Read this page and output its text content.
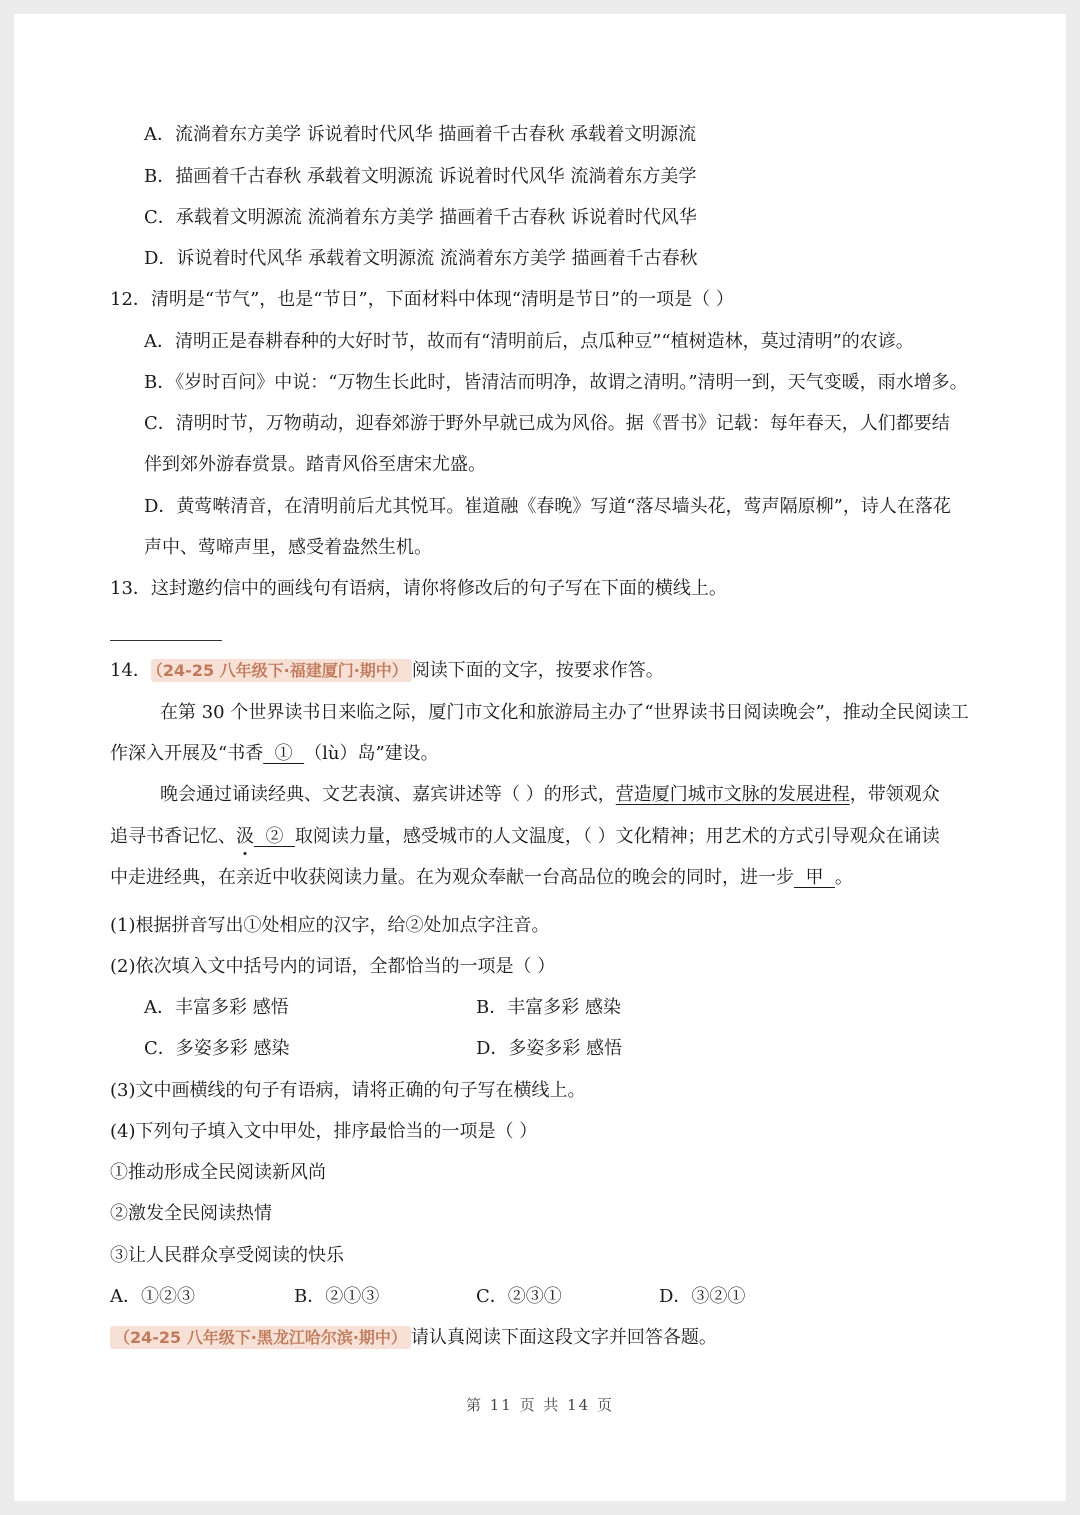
A．流淌着东方美学 诉说着时代风华 描画着千古春秋 承载着文明源流
B．描画着千古春秋 承载着文明源流 诉说着时代风华 流淌着东方美学
C．承载着文明源流 流淌着东方美学 描画着千古春秋 诉说着时代风华
D．诉说着时代风华 承载着文明源流 流淌着东方美学 描画着千古春秋
12．清明是“节气”，也是“节日”，下面材料中体现“清明是节日”的一项是（ ）
A．清明正是春耕春种的大好时节，故而有“清明前后，点瓜种豆”“植树造林，莫过清明”的农谚。
B．《岁时百问》中说：“万物生长此时，皆清洁而明净，故谓之清明。”清明一到，天气变暖，雨水增多。
C．清明时节，万物萌动，迎春郊游于野外早就已成为风俗。据《晋书》记载：每年春天，人们都要结
伴到郊外游春赏景。踏青风俗至唐宋尤盛。
D．黄莺啭清音，在清明前后尤其悦耳。崔道融《春晚》写道“落尽墙头花，莺声隔原柳”，诗人在落花
声中、莺啼声里，感受着盎然生机。
13．这封邀约信中的画线句有语病，请你将修改后的句子写在下面的横线上。
14． （24-25 八年级下·福建厦门·期中） 阅读下面的文字，按要求作答。
在第 30 个世界读书日来临之际，厦门市文化和旅游局主办了“世界读书日阅读晚会”，推动全民阅读工
作深入开展及“书香  ①  （lù）岛”建设。
晚会通过诵读经典、文艺表演、嘉宾讲述等（ ）的形式，营造厦门城市文脉的发展进程，带领观众
追寻书香记忆、汲  ②  取阅读力量，感受城市的人文温度，（ ）文化精神；用艺术的方式引导观众在诵读
中走进经典，在亲近中收获阅读力量。在为观众奉献一台高品位的晚会的同时，进一步  甲  。
(1)根据拼音写出①处相应的汉字，给②处加点字注音。
(2)依次填入文中括号内的词语，全都恰当的一项是（ ）
A．丰富多彩 感悟	B．丰富多彩 感染
C．多姿多彩 感染	D．多姿多彩 感悟
(3)文中画横线的句子有语病，请将正确的句子写在横线上。
(4)下列句子填入文中甲处，排序最恰当的一项是（ ）
①推动形成全民阅读新风尚
②激发全民阅读热情
③让人民群众享受阅读的快乐
A．①②③	B．②①③	C．②③①	D．③②①
（24-25 八年级下·黑龙江哈尔滨·期中） 请认真阅读下面这段文字并回答各题。
第 11 页 共 14 页
